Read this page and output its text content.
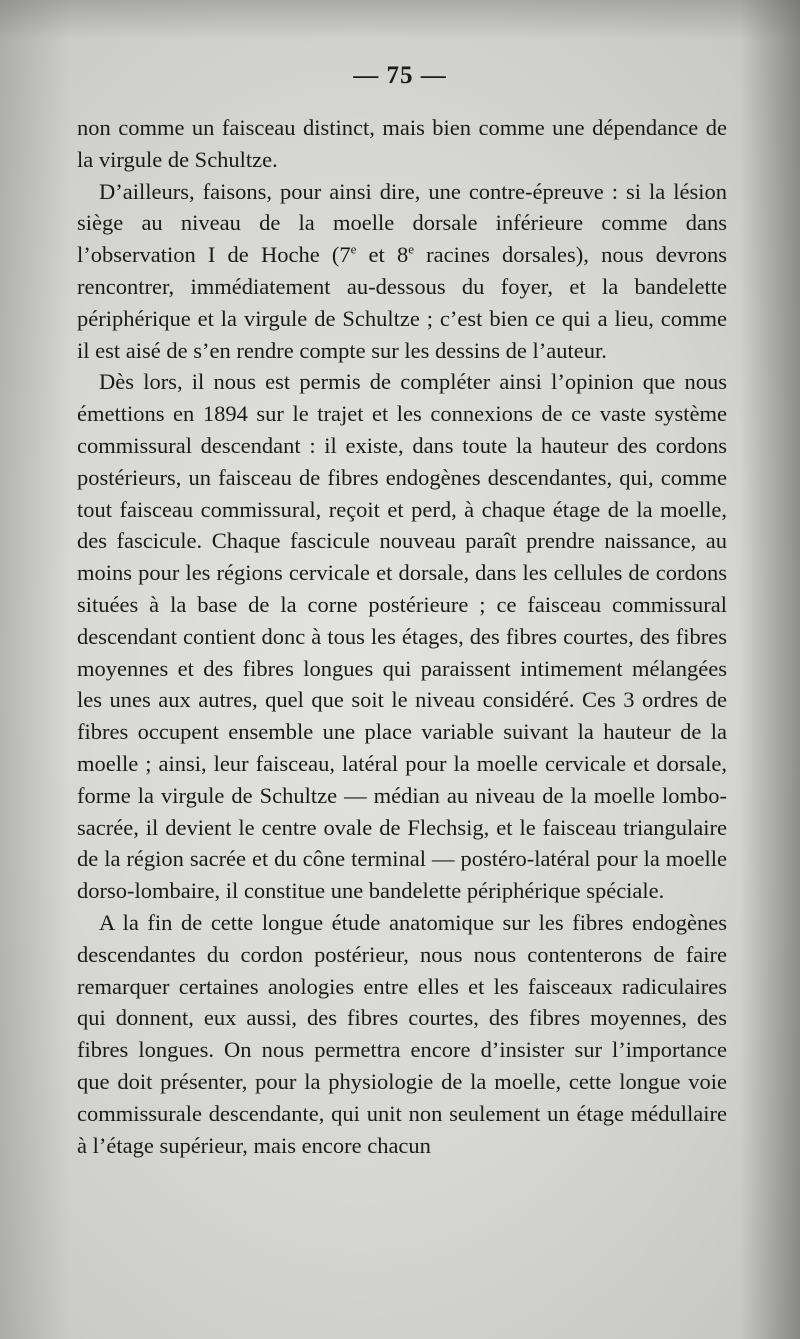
— 75 —

non comme un faisceau distinct, mais bien comme une dépendance de la virgule de Schultze.

D’ailleurs, faisons, pour ainsi dire, une contre-épreuve : si la lésion siège au niveau de la moelle dorsale inférieure comme dans l’observation I de Hoche (7e et 8e racines dorsales), nous devrons rencontrer, immédiatement au-dessous du foyer, et la bandelette périphérique et la virgule de Schultze ; c’est bien ce qui a lieu, comme il est aisé de s’en rendre compte sur les dessins de l’auteur.

Dès lors, il nous est permis de compléter ainsi l’opinion que nous émettions en 1894 sur le trajet et les connexions de ce vaste système commissural descendant : il existe, dans toute la hauteur des cordons postérieurs, un faisceau de fibres endogènes descendantes, qui, comme tout faisceau commissural, reçoit et perd, à chaque étage de la moelle, des fascicule. Chaque fascicule nouveau paraît prendre naissance, au moins pour les régions cervicale et dorsale, dans les cellules de cordons situées à la base de la corne postérieure ; ce faisceau commissural descendant contient donc à tous les étages, des fibres courtes, des fibres moyennes et des fibres longues qui paraissent intimement mélangées les unes aux autres, quel que soit le niveau considéré. Ces 3 ordres de fibres occupent ensemble une place variable suivant la hauteur de la moelle ; ainsi, leur faisceau, latéral pour la moelle cervicale et dorsale, forme la virgule de Schultze — médian au niveau de la moelle lombo-sacrée, il devient le centre ovale de Flechsig, et le faisceau triangulaire de la région sacrée et du cône terminal — postéro-latéral pour la moelle dorso-lombaire, il constitue une bandelette périphérique spéciale.

A la fin de cette longue étude anatomique sur les fibres endogènes descendantes du cordon postérieur, nous nous contenterons de faire remarquer certaines anologies entre elles et les faisceaux radiculaires qui donnent, eux aussi, des fibres courtes, des fibres moyennes, des fibres longues. On nous permettra encore d’insister sur l’importance que doit présenter, pour la physiologie de la moelle, cette longue voie commissurale descendante, qui unit non seulement un étage médullaire à l’étage supérieur, mais encore chacun
